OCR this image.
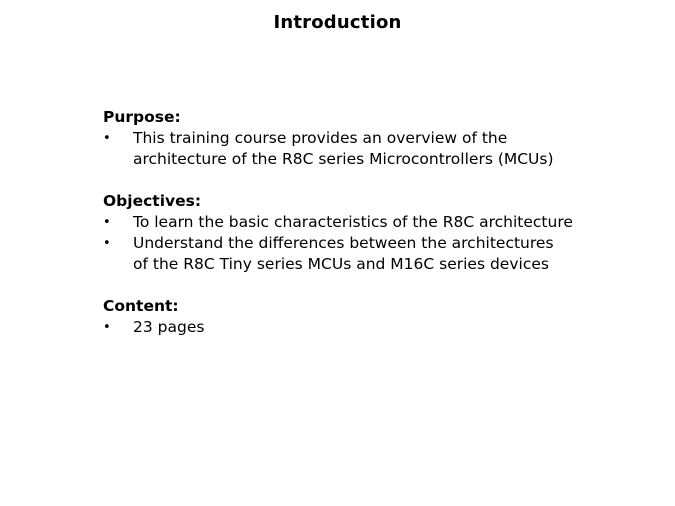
Introduction
Purpose:
• This training course provides an overview of the architecture of the R8C series Microcontrollers (MCUs)
Objectives:
• To learn the basic characteristics of the R8C architecture
• Understand the differences between the architectures of the R8C Tiny series MCUs and M16C series devices
Content:
• 23 pages
